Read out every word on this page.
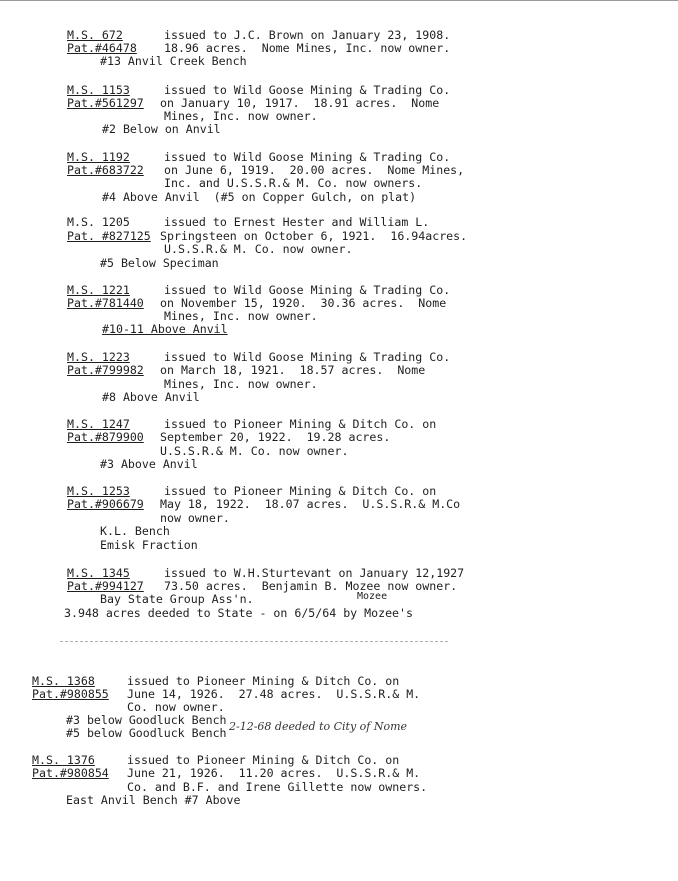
M.S. 672
Pat.#46478
issued to J.C. Brown on January 23, 1908.
18.96 acres.  Nome Mines, Inc. now owner.
#13 Anvil Creek Bench
M.S. 1153
Pat.#561297
issued to Wild Goose Mining & Trading Co.
on January 10, 1917.  18.91 acres.  Nome
Mines, Inc. now owner.
#2 Below on Anvil
M.S. 1192
Pat.#683722
issued to Wild Goose Mining & Trading Co.
on June 6, 1919.  20.00 acres.  Nome Mines,
Inc. and U.S.S.R.& M. Co. now owners.
#4 Above Anvil  (#5 on Copper Gulch, on plat)
M.S. 1205
Pat. #827125
issued to Ernest Hester and William L.
Springsteen on October 6, 1921.  16.94acres.
U.S.S.R.& M. Co. now owner.
#5 Below Speciman
M.S. 1221
Pat.#781440
issued to Wild Goose Mining & Trading Co.
on November 15, 1920.  30.36 acres.  Nome
Mines, Inc. now owner.
#10-11 Above Anvil
M.S. 1223
Pat.#799982
issued to Wild Goose Mining & Trading Co.
on March 18, 1921.  18.57 acres.  Nome
Mines, Inc. now owner.
#8 Above Anvil
M.S. 1247
Pat.#879900
issued to Pioneer Mining & Ditch Co. on
September 20, 1922.  19.28 acres.
U.S.S.R.& M. Co. now owner.
#3 Above Anvil
M.S. 1253
Pat.#906679
issued to Pioneer Mining & Ditch Co. on
May 18, 1922.  18.07 acres.  U.S.S.R.& M.Co
now owner.
K.L. Bench
Emisk Fraction
M.S. 1345
Pat.#994127
issued to W.H.Sturtevant on January 12,1927
73.50 acres.  Benjamin B. Mozee now owner.
Bay State Group Ass'n.	Mozee
3.948 acres deeded to State - on 6/5/64 by Mozee's
M.S. 1368
Pat.#980855
issued to Pioneer Mining & Ditch Co. on
June 14, 1926.  27.48 acres.  U.S.S.R.& M.
Co. now owner.
#3 below Goodluck Bench
#5 below Goodluck Bench 2-12-68 deeded to City of Nome
M.S. 1376
Pat.#980854
issued to Pioneer Mining & Ditch Co. on
June 21, 1926.  11.20 acres.  U.S.S.R.& M.
Co. and B.F. and Irene Gillette now owners.
East Anvil Bench #7 Above
